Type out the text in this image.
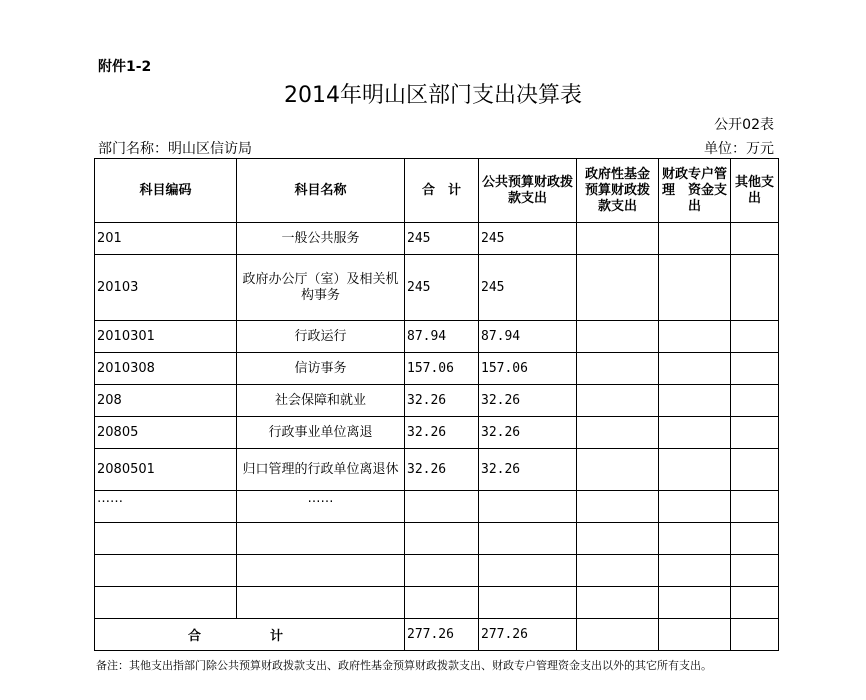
附件1-2
2014年明山区部门支出决算表
公开02表
部门名称：明山区信访局	单位：万元
科目编码	科目名称	合　计	公共预算财政拨款支出	政府性基金预算财政拨款支出	财政专户管理　资金支出	其他支出
201	一般公共服务	245	245			
20103	政府办公厅（室）及相关机构事务	245	245			
2010301	行政运行	87.94	87.94			
2010308	信访事务	157.06	157.06			
208	社会保障和就业	32.26	32.26			
20805	行政事业单位离退	32.26	32.26			
2080501	归口管理的行政单位离退休	32.26	32.26			
……	……					

合　计		277.26	277.26			
备注：其他支出指部门除公共预算财政拨款支出、政府性基金预算财政拨款支出、财政专户管理资金支出以外的其它所有支出。
